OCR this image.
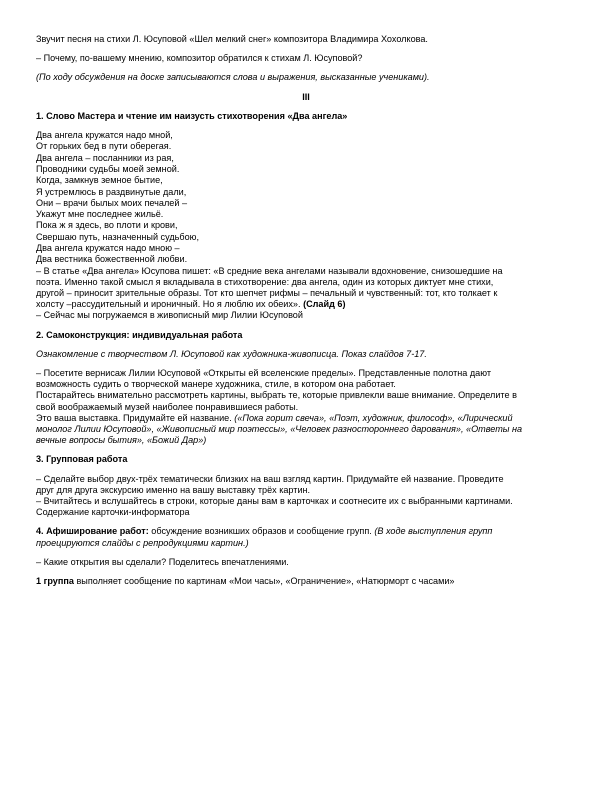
Звучит песня на стихи Л. Юсуповой «Шел мелкий снег» композитора Владимира Хохолкова.

– Почему, по-вашему мнению, композитор обратился к стихам Л. Юсуповой?

(По ходу обсуждения на доске записываются слова и выражения, высказанные учениками).

III

1. Слово Мастера и чтение им наизусть стихотворения «Два ангела»

Два ангела кружатся надо мной,

От горьких бед в пути оберегая.

Два ангела – посланники из рая,

Проводники судьбы моей земной.

Когда, замкнув земное бытие,

Я устремлюсь в раздвинутые дали,

Они – врачи былых моих печалей –

Укажут мне последнее жильё.

Пока ж я здесь, во плоти и крови,

Свершаю путь, назначенный судьбою,

Два ангела кружатся надо мною –

Два вестника божественной любви.

– В статье «Два ангела» Юсупова пишет: «В средние века ангелами называли вдохновение, снизошедшие на

поэта. Именно такой смысл я вкладывала в стихотворение: два ангела, один из которых диктует мне стихи,

другой – приносит зрительные образы. Тот кто шепчет рифмы – печальный и чувственный: тот, кто толкает к

холсту –рассудительный и ироничный. Но я люблю их обеих». (Слайд 6)

– Сейчас мы погружаемся в живописный мир Лилии Юсуповой

2. Самоконструкция: индивидуальная работа

Ознакомление с творчеством Л. Юсуповой как художника-живописца. Показ слайдов 7-17.

– Посетите вернисаж Лилии Юсуповой «Открыты ей вселенские пределы». Представленные полотна дают

возможность судить о творческой манере художника, стиле, в котором она работает.

Постарайтесь внимательно рассмотреть картины, выбрать те, которые привлекли ваше внимание. Определите в

свой воображаемый музей наиболее понравившиеся работы.

Это ваша выставка. Придумайте ей название. («Пока горит свеча», «Поэт, художник, философ», «Лирический

монолог Лилии Юсуповой», «Живописный мир поэтессы», «Человек разностороннего дарования», «Ответы на

вечные вопросы бытия», «Божий Дар»)

3. Групповая работа

– Сделайте выбор двух-трёх тематически близких на ваш взгляд картин. Придумайте ей название. Проведите

друг для друга экскурсию именно на вашу выставку трёх картин.

– Вчитайтесь и вслушайтесь в строки, которые даны вам в карточках и соотнесите их с выбранными картинами.

Содержание карточки-информатора

4. Афиширование работ: обсуждение возникших образов и сообщение групп. (В ходе выступления групп

проецируются слайды с репродукциями картин.)

– Какие открытия вы сделали? Поделитесь впечатлениями.

1 группа выполняет сообщение по картинам «Мои часы», «Ограничение», «Натюрморт с часами»
